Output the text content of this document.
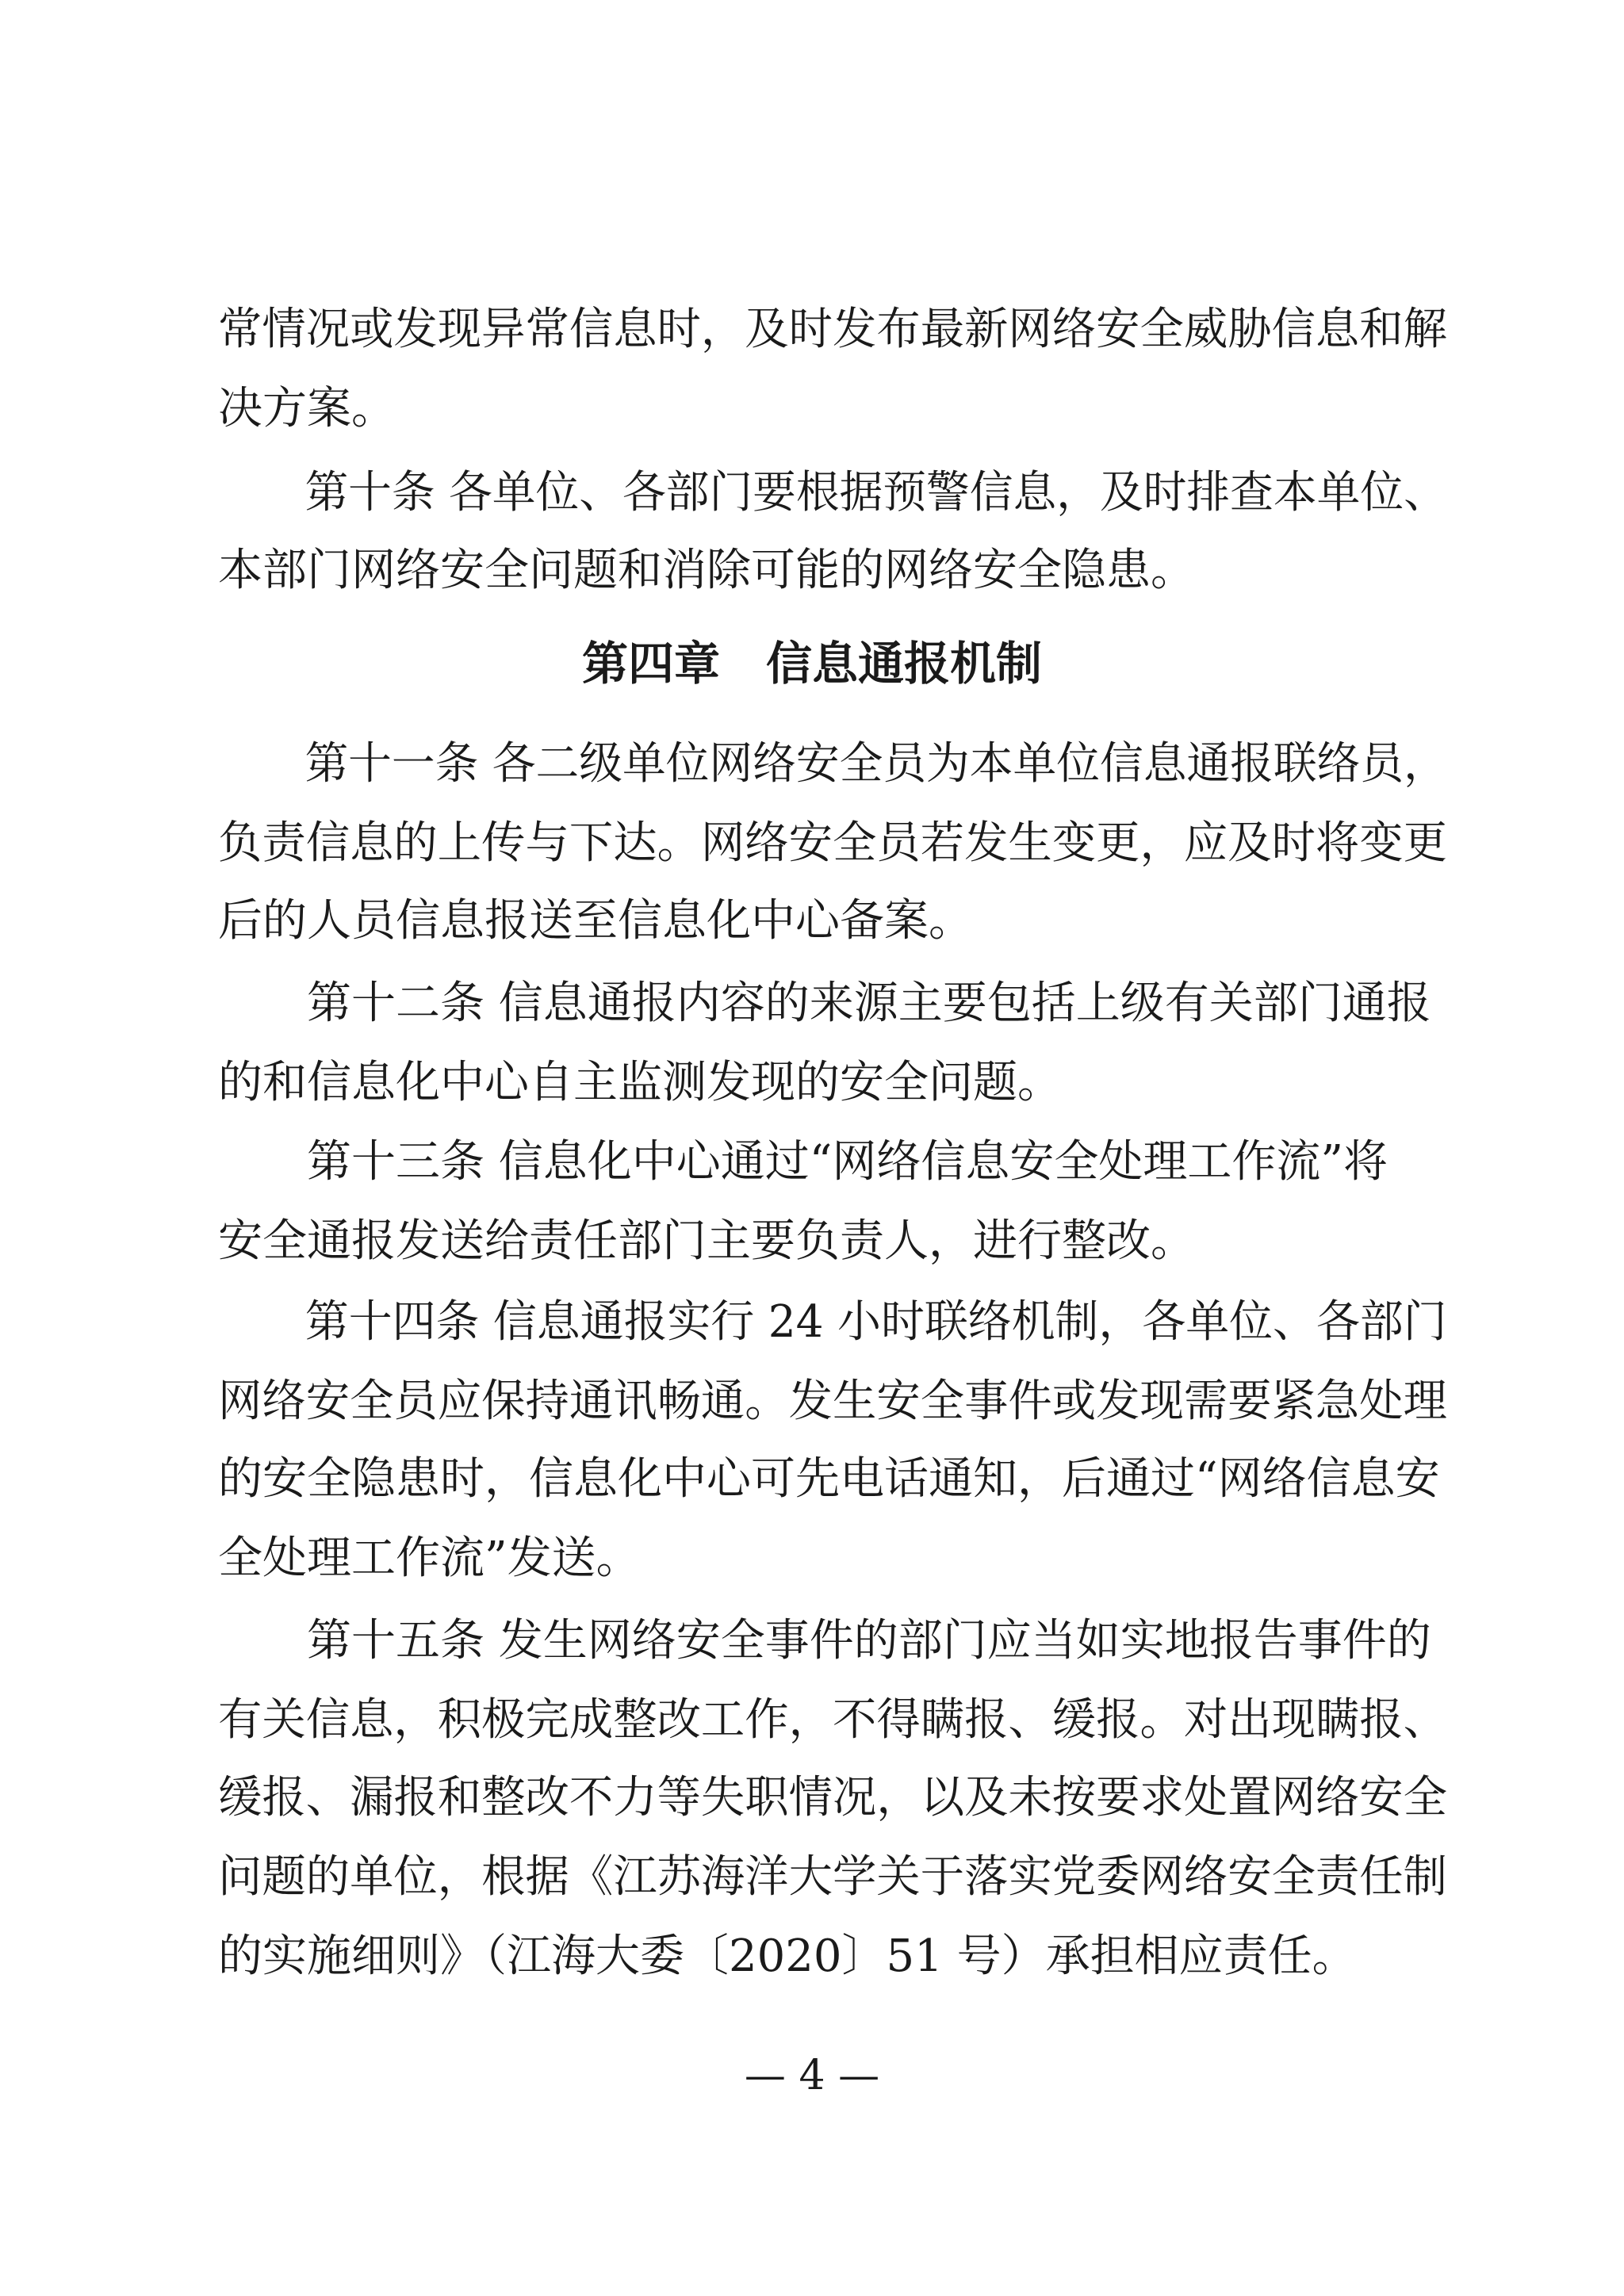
常情况或发现异常信息时，及时发布最新网络安全威胁信息和解
决方案。
　　第十条 各单位、各部门要根据预警信息，及时排查本单位、
本部门网络安全问题和消除可能的网络安全隐患。
第四章　信息通报机制
　　第十一条 各二级单位网络安全员为本单位信息通报联络员，
负责信息的上传与下达。网络安全员若发生变更，应及时将变更
后的人员信息报送至信息化中心备案。
　　第十二条 信息通报内容的来源主要包括上级有关部门通报
的和信息化中心自主监测发现的安全问题。
　　第十三条 信息化中心通过“网络信息安全处理工作流”将
安全通报发送给责任部门主要负责人，进行整改。
　　第十四条 信息通报实行 24 小时联络机制，各单位、各部门
网络安全员应保持通讯畅通。发生安全事件或发现需要紧急处理
的安全隐患时，信息化中心可先电话通知，后通过“网络信息安
全处理工作流”发送。
　　第十五条 发生网络安全事件的部门应当如实地报告事件的
有关信息，积极完成整改工作，不得瞒报、缓报。对出现瞒报、
缓报、漏报和整改不力等失职情况，以及未按要求处置网络安全
问题的单位，根据《江苏海洋大学关于落实党委网络安全责任制
的实施细则》（江海大委〔2020〕51 号）承担相应责任。
— 4 —
